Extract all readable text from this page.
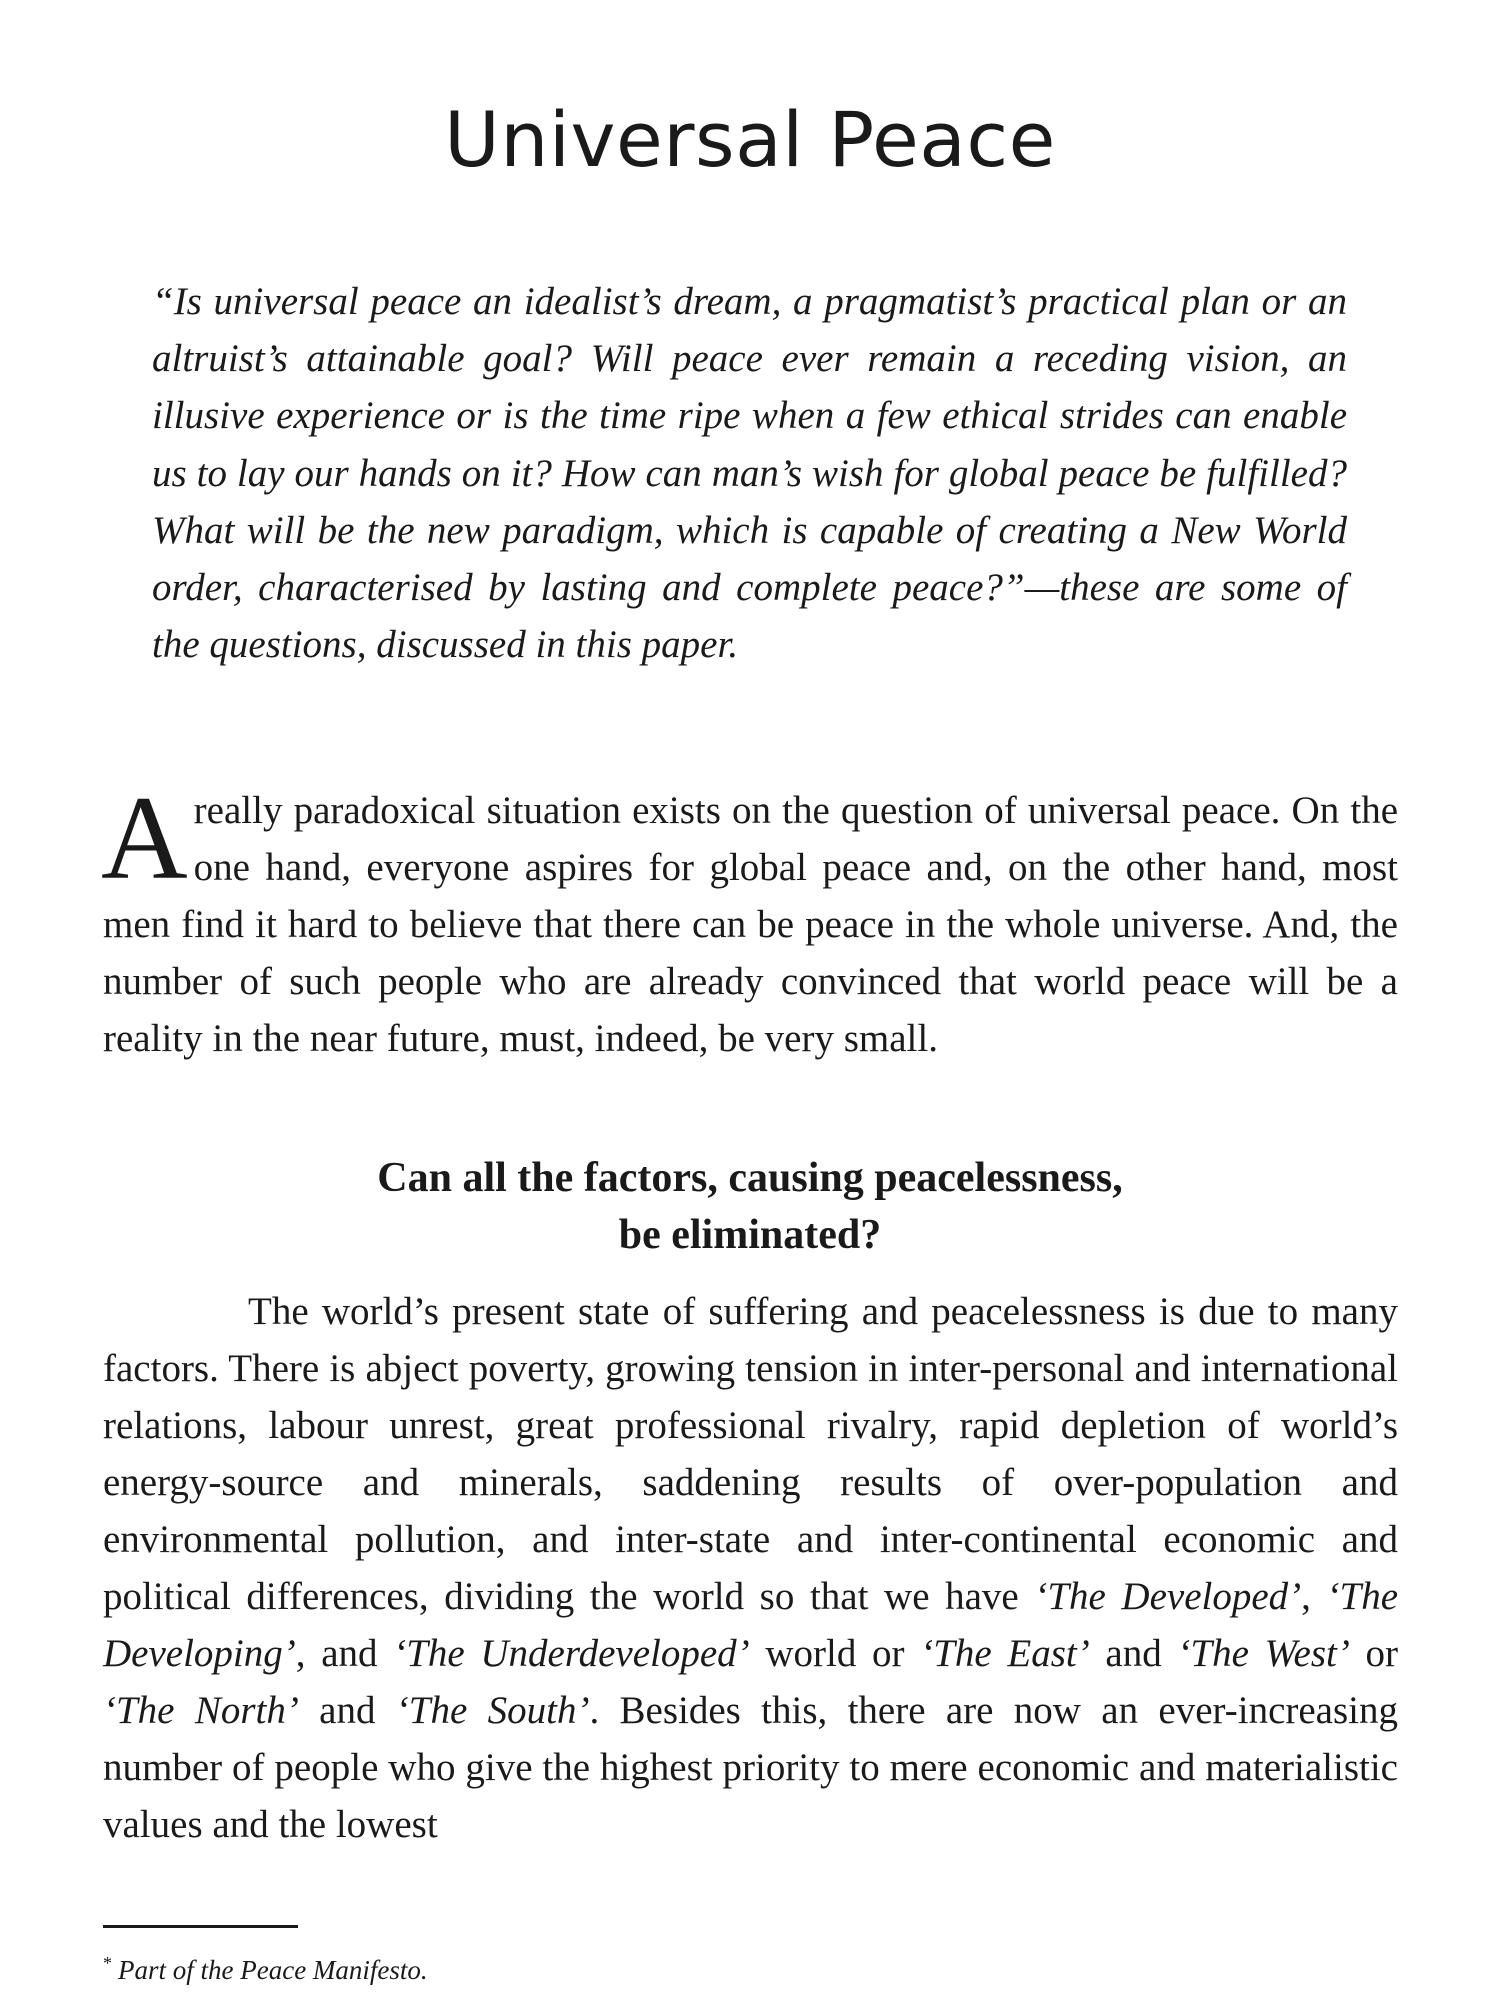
Universal Peace

“Is universal peace an idealist’s dream, a pragmatist’s practical plan or an altruist’s attainable goal? Will peace ever remain a receding vision, an illusive experience or is the time ripe when a few ethical strides can enable us to lay our hands on it? How can man’s wish for global peace be fulfilled? What will be the new paradigm, which is capable of creating a New World order, characterised by lasting and complete peace?”—these are some of the questions, discussed in this paper.

Areally paradoxical situation exists on the question of universal peace. On the one hand, everyone aspires for global peace and, on the other hand, most men find it hard to believe that there can be peace in the whole universe. And, the number of such people who are already convinced that world peace will be a reality in the near future, must, indeed, be very small.

Can all the factors, causing peacelessness,
be eliminated?

The world’s present state of suffering and peacelessness is due to many factors. There is abject poverty, growing tension in inter-personal and international relations, labour unrest, great professional rivalry, rapid depletion of world’s energy-source and minerals, saddening results of over-population and environmental pollution, and inter-state and inter-continental economic and political differences, dividing the world so that we have ‘The Developed’, ‘The Developing’, and ‘The Underdeveloped’ world or ‘The East’ and ‘The West’ or ‘The North’ and ‘The South’. Besides this, there are now an ever-increasing number of people who give the highest priority to mere economic and materialistic values and the lowest

* Part of the Peace Manifesto.
